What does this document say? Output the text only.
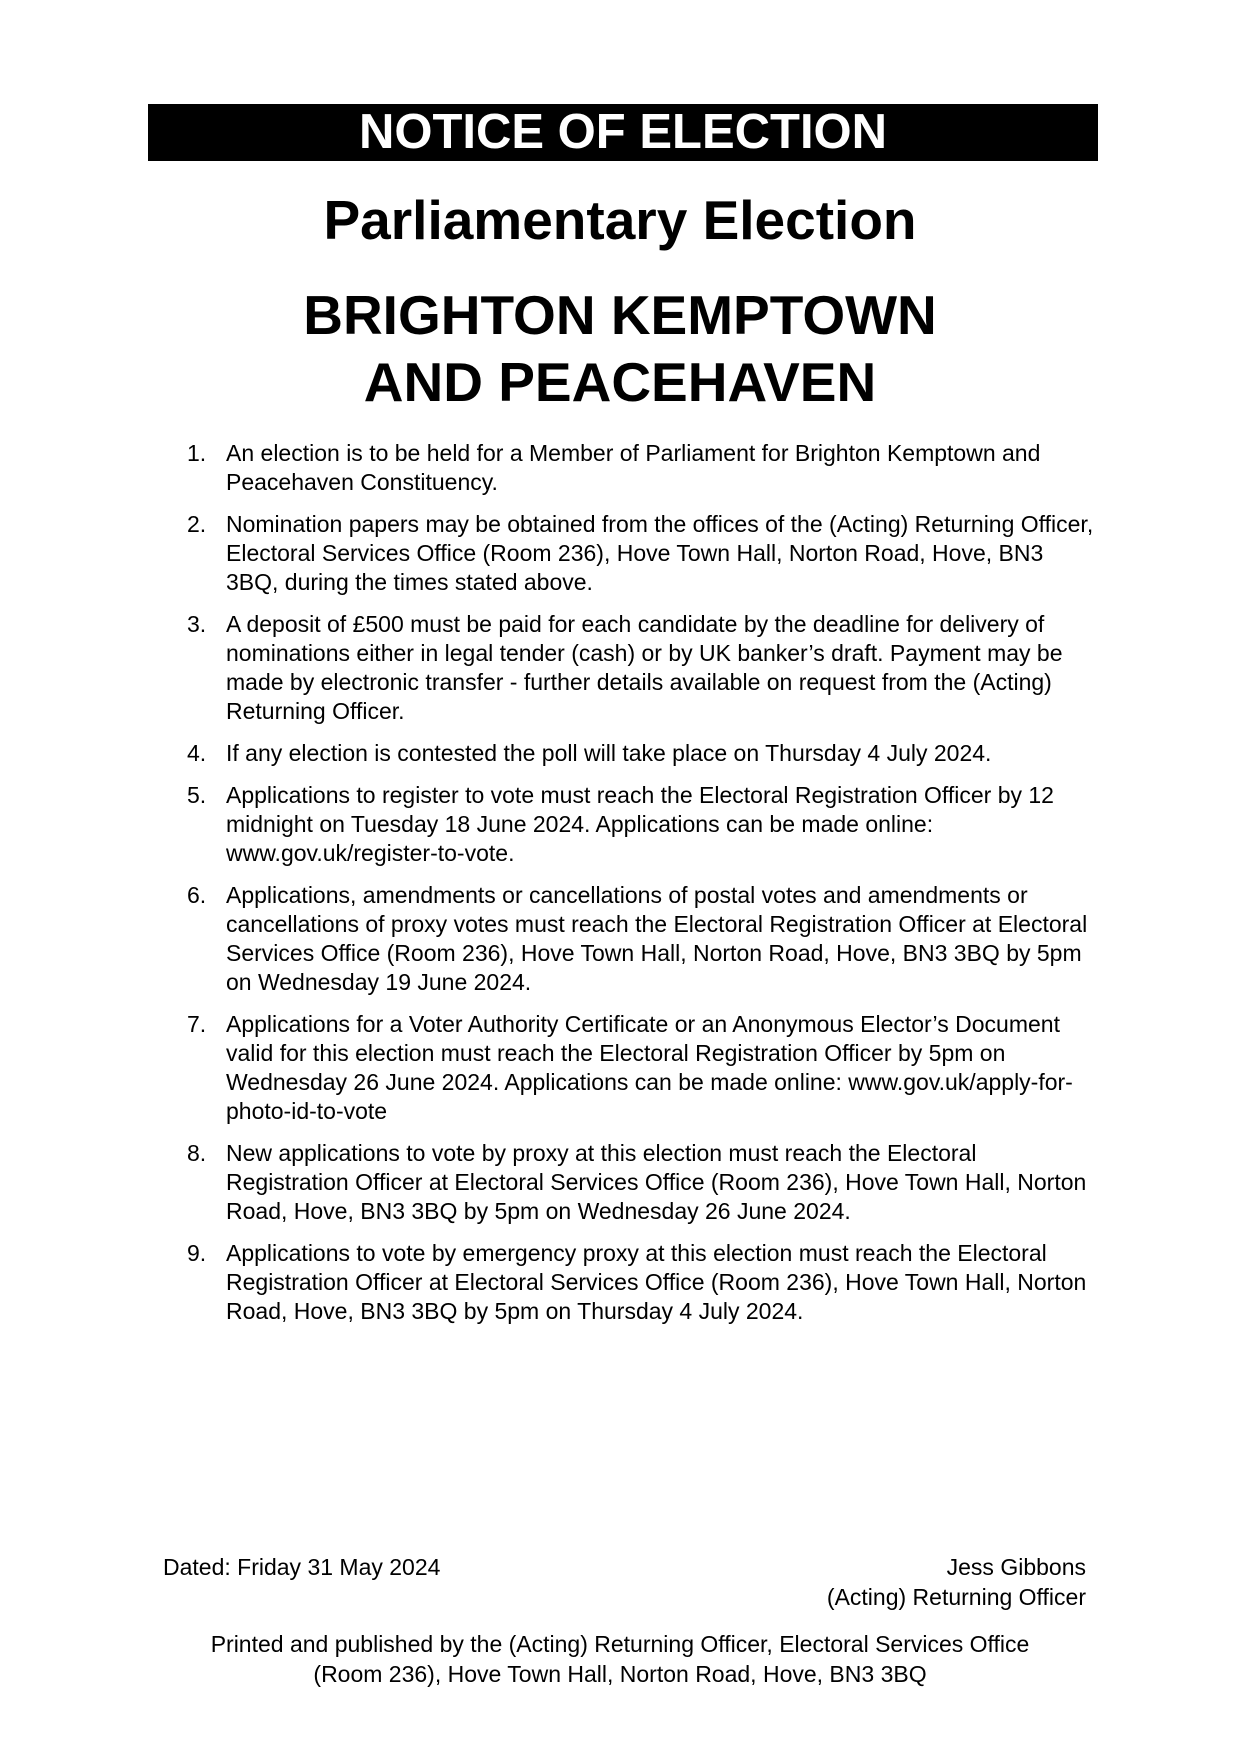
NOTICE OF ELECTION
Parliamentary Election
BRIGHTON KEMPTOWN
AND PEACEHAVEN
1. An election is to be held for a Member of Parliament for Brighton Kemptown and Peacehaven Constituency.
2. Nomination papers may be obtained from the offices of the (Acting) Returning Officer, Electoral Services Office (Room 236), Hove Town Hall, Norton Road, Hove, BN3 3BQ, during the times stated above.
3. A deposit of £500 must be paid for each candidate by the deadline for delivery of nominations either in legal tender (cash) or by UK banker’s draft. Payment may be made by electronic transfer - further details available on request from the (Acting) Returning Officer.
4. If any election is contested the poll will take place on Thursday 4 July 2024.
5. Applications to register to vote must reach the Electoral Registration Officer by 12 midnight on Tuesday 18 June 2024. Applications can be made online: www.gov.uk/register-to-vote.
6. Applications, amendments or cancellations of postal votes and amendments or cancellations of proxy votes must reach the Electoral Registration Officer at Electoral Services Office (Room 236), Hove Town Hall, Norton Road, Hove, BN3 3BQ by 5pm on Wednesday 19 June 2024.
7. Applications for a Voter Authority Certificate or an Anonymous Elector’s Document valid for this election must reach the Electoral Registration Officer by 5pm on Wednesday 26 June 2024. Applications can be made online: www.gov.uk/apply-for-photo-id-to-vote
8. New applications to vote by proxy at this election must reach the Electoral Registration Officer at Electoral Services Office (Room 236), Hove Town Hall, Norton Road, Hove, BN3 3BQ by 5pm on Wednesday 26 June 2024.
9. Applications to vote by emergency proxy at this election must reach the Electoral Registration Officer at Electoral Services Office (Room 236), Hove Town Hall, Norton Road, Hove, BN3 3BQ by 5pm on Thursday 4 July 2024.
Dated: Friday 31 May 2024	Jess Gibbons
(Acting) Returning Officer
Printed and published by the (Acting) Returning Officer, Electoral Services Office
(Room 236), Hove Town Hall, Norton Road, Hove, BN3 3BQ
